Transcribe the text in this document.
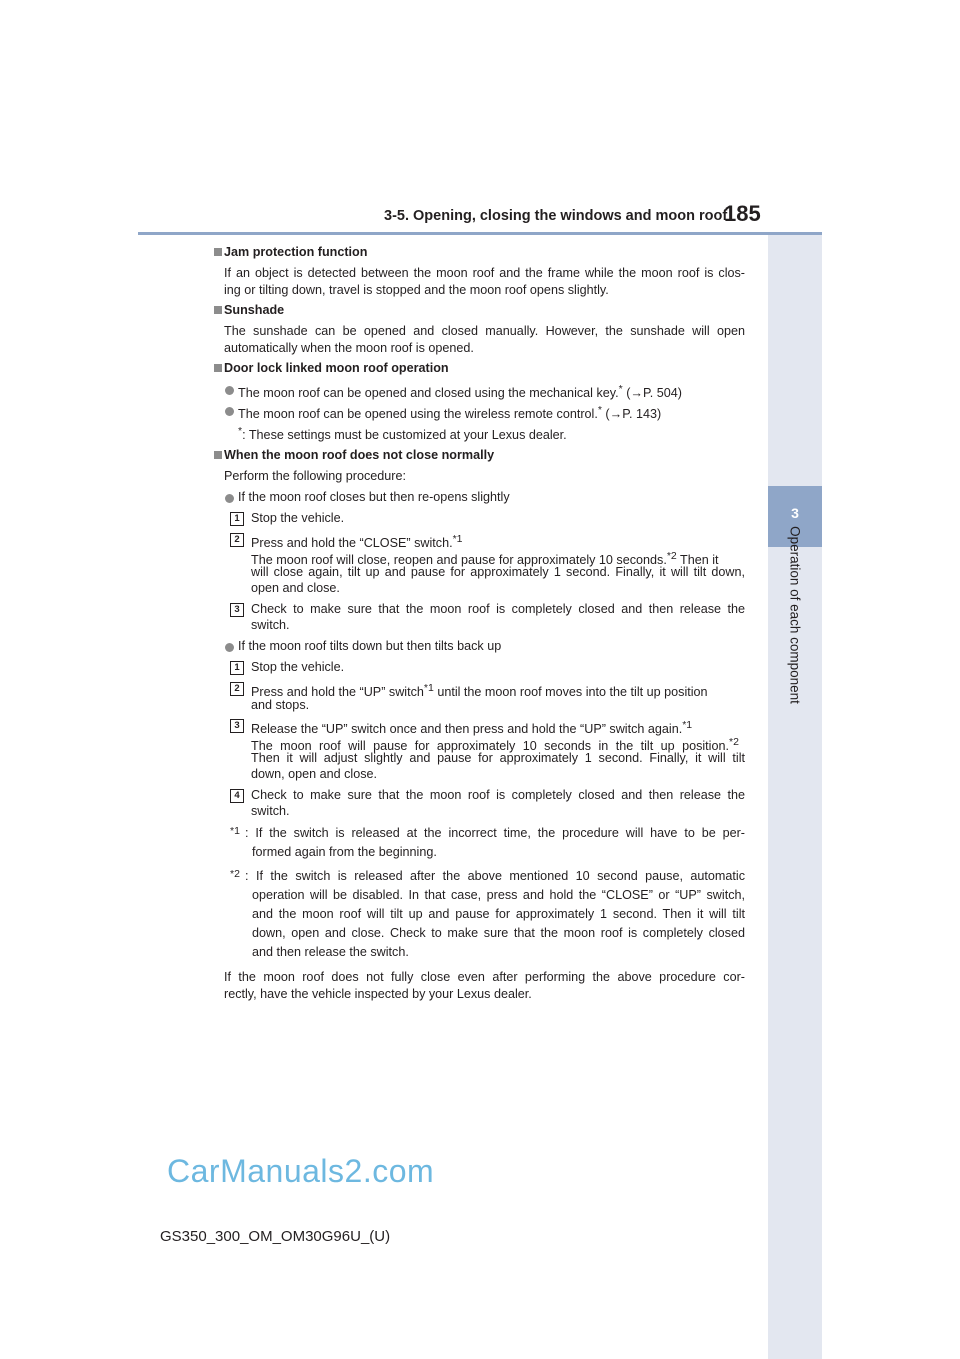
3-5. Opening, closing the windows and moon roof
185
3
Operation of each component
Jam protection function
If an object is detected between the moon roof and the frame while the moon roof is clos-
ing or tilting down, travel is stopped and the moon roof opens slightly.
Sunshade
The sunshade can be opened and closed manually. However, the sunshade will open
automatically when the moon roof is opened.
Door lock linked moon roof operation
The moon roof can be opened and closed using the mechanical key.* (→P. 504)
The moon roof can be opened using the wireless remote control.* (→P. 143)
*: These settings must be customized at your Lexus dealer.
When the moon roof does not close normally
Perform the following procedure:
If the moon roof closes but then re-opens slightly
1 Stop the vehicle.
2 Press and hold the “CLOSE” switch.$^{*1}$
The moon roof will close, reopen and pause for approximately 10 seconds.$^{*2}$ Then it
will close again, tilt up and pause for approximately 1 second. Finally, it will tilt down,
open and close.
3 Check to make sure that the moon roof is completely closed and then release the
switch.
If the moon roof tilts down but then tilts back up
1 Stop the vehicle.
2 Press and hold the “UP” switch$^{*1}$ until the moon roof moves into the tilt up position
and stops.
3 Release the “UP” switch once and then press and hold the “UP” switch again.$^{*1}$
The moon roof will pause for approximately 10 seconds in the tilt up position.$^{*2}$
Then it will adjust slightly and pause for approximately 1 second. Finally, it will tilt
down, open and close.
4 Check to make sure that the moon roof is completely closed and then release the
switch.
$^{*1}$ : If the switch is released at the incorrect time, the procedure will have to be per-
formed again from the beginning.
$^{*2}$ : If the switch is released after the above mentioned 10 second pause, automatic
operation will be disabled. In that case, press and hold the “CLOSE” or “UP” switch,
and the moon roof will tilt up and pause for approximately 1 second. Then it will tilt
down, open and close. Check to make sure that the moon roof is completely closed
and then release the switch.
If the moon roof does not fully close even after performing the above procedure cor-
rectly, have the vehicle inspected by your Lexus dealer.
CarManuals2.com
GS350_300_OM_OM30G96U_(U)
